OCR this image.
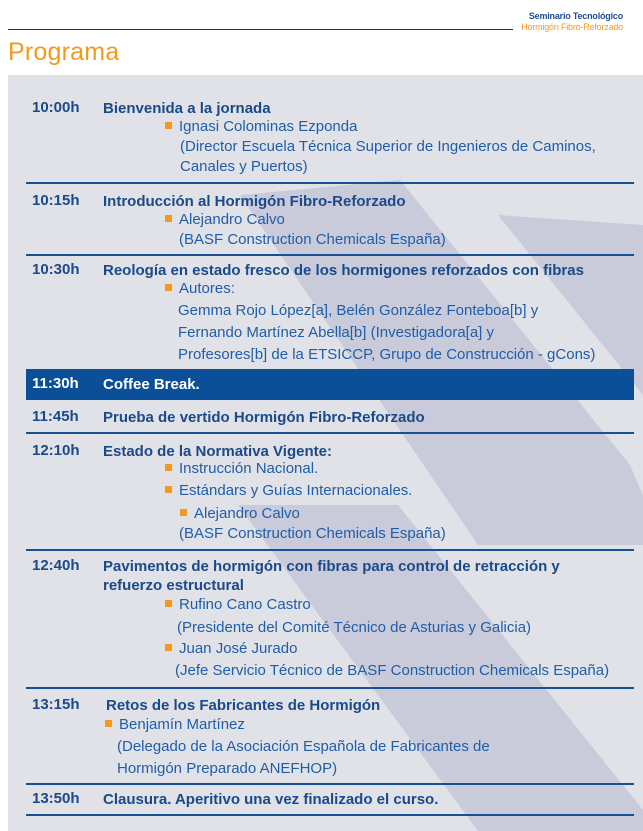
Seminario Tecnológico
Hormigón Fibro-Reforzado
Programa
10:00h Bienvenida a la jornada
Ignasi Colominas Ezponda
(Director Escuela Técnica Superior de Ingenieros de Caminos,
Canales y Puertos)
10:15h Introducción al Hormigón Fibro-Reforzado
Alejandro Calvo
(BASF Construction Chemicals España)
10:30h Reología en estado fresco de los hormigones reforzados con fibras
Autores:
Gemma Rojo López[a], Belén González Fonteboa[b] y
Fernando Martínez Abella[b] (Investigadora[a] y
Profesores[b] de la ETSICCP, Grupo de Construcción - gCons)
11:30h Coffee Break.
11:45h Prueba de vertido Hormigón Fibro-Reforzado
12:10h Estado de la Normativa Vigente:
Instrucción Nacional.
Estándars y Guías Internacionales.
Alejandro Calvo
(BASF Construction Chemicals España)
12:40h Pavimentos de hormigón con fibras para control de retracción y
refuerzo estructural
Rufino Cano Castro
(Presidente del Comité Técnico de Asturias y Galicia)
Juan José Jurado
(Jefe Servicio Técnico de BASF Construction Chemicals España)
13:15h Retos de los Fabricantes de Hormigón
Benjamín Martínez
(Delegado de la Asociación Española de Fabricantes de
Hormigón Preparado ANEFHOP)
13:50h Clausura. Aperitivo una vez finalizado el curso.
